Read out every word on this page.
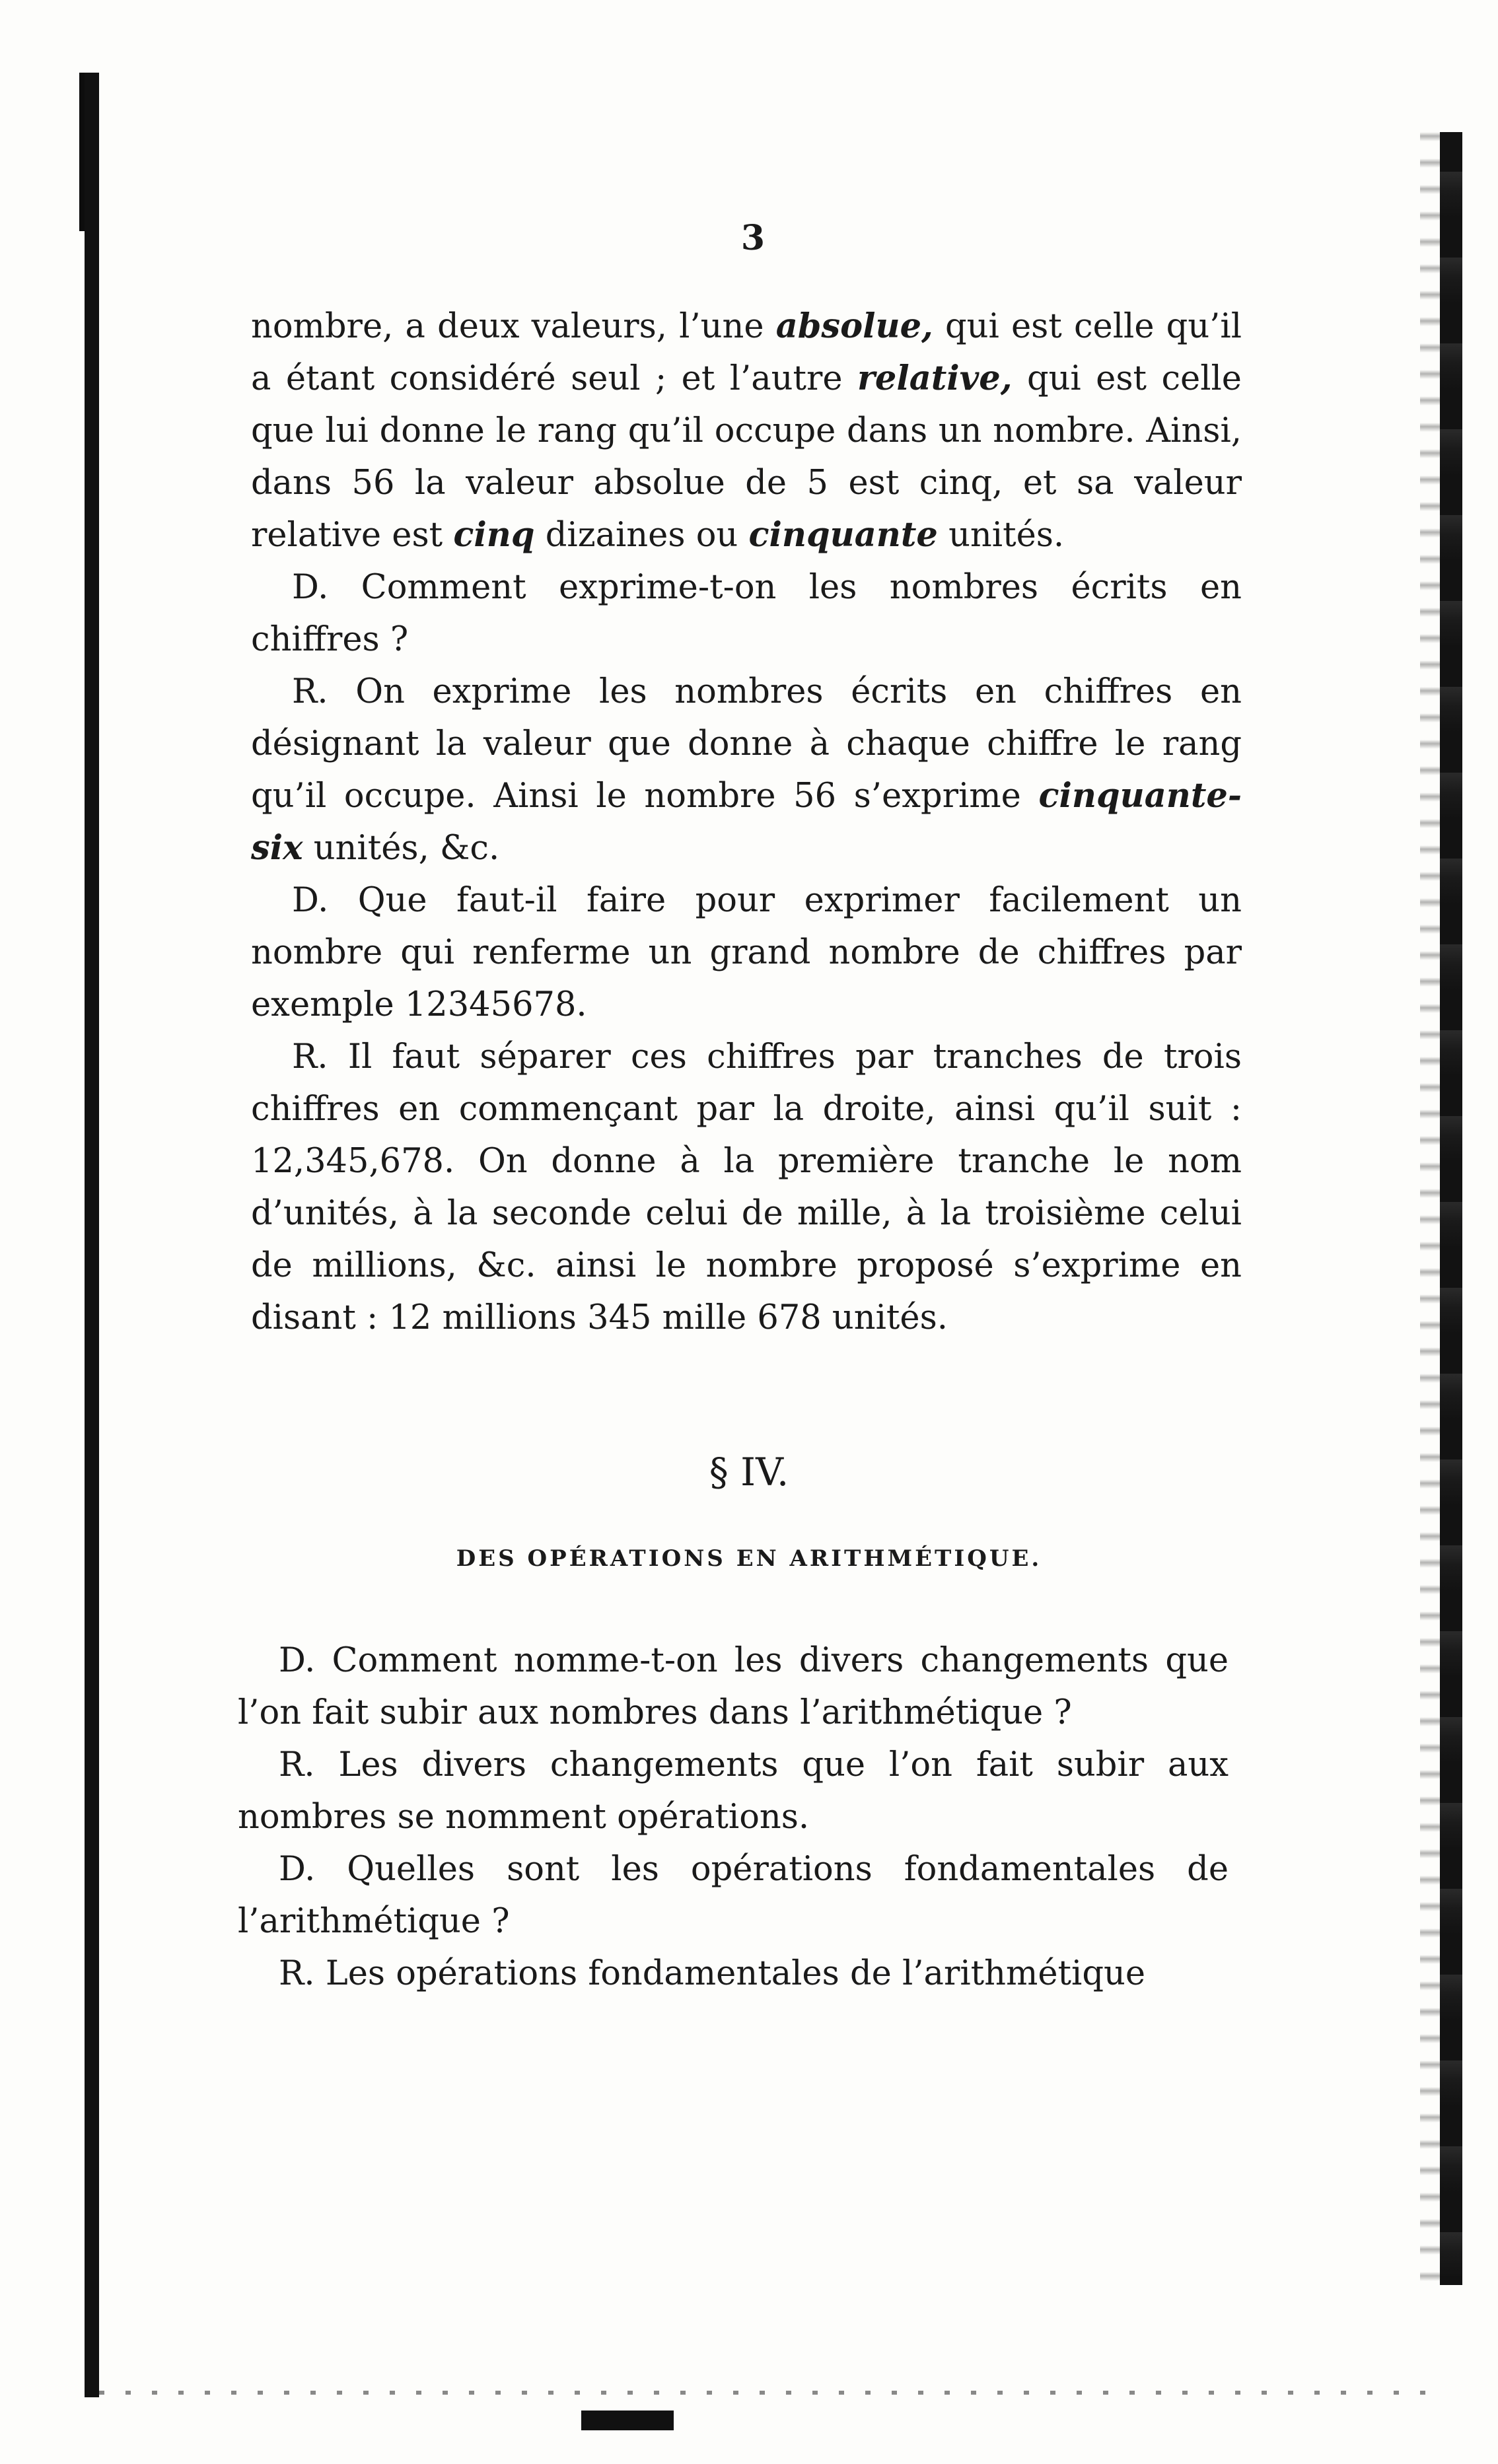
3

nombre, a deux valeurs, l’une absolue, qui est celle qu’il a étant considéré seul ; et l’autre relative, qui est celle que lui donne le rang qu’il occupe dans un nombre. Ainsi, dans 56 la valeur absolue de 5 est cinq, et sa valeur relative est cinq dizaines ou cinquante unités.

D. Comment exprime-t-on les nombres écrits en chiffres ?

R. On exprime les nombres écrits en chiffres en désignant la valeur que donne à chaque chiffre le rang qu’il occupe. Ainsi le nombre 56 s’exprime cinquante-six unités, &c.

D. Que faut-il faire pour exprimer facilement un nombre qui renferme un grand nombre de chiffres par exemple 12345678.

R. Il faut séparer ces chiffres par tranches de trois chiffres en commençant par la droite, ainsi qu’il suit : 12,345,678. On donne à la première tranche le nom d’unités, à la seconde celui de mille, à la troisième celui de millions, &c. ainsi le nombre proposé s’exprime en disant : 12 millions 345 mille 678 unités.

§ IV.
DES OPÉRATIONS EN ARITHMÉTIQUE.

D. Comment nomme-t-on les divers changements que l’on fait subir aux nombres dans l’arithmétique ?

R. Les divers changements que l’on fait subir aux nombres se nomment opérations.

D. Quelles sont les opérations fondamentales de l’arithmétique ?

R. Les opérations fondamentales de l’arithmétique
